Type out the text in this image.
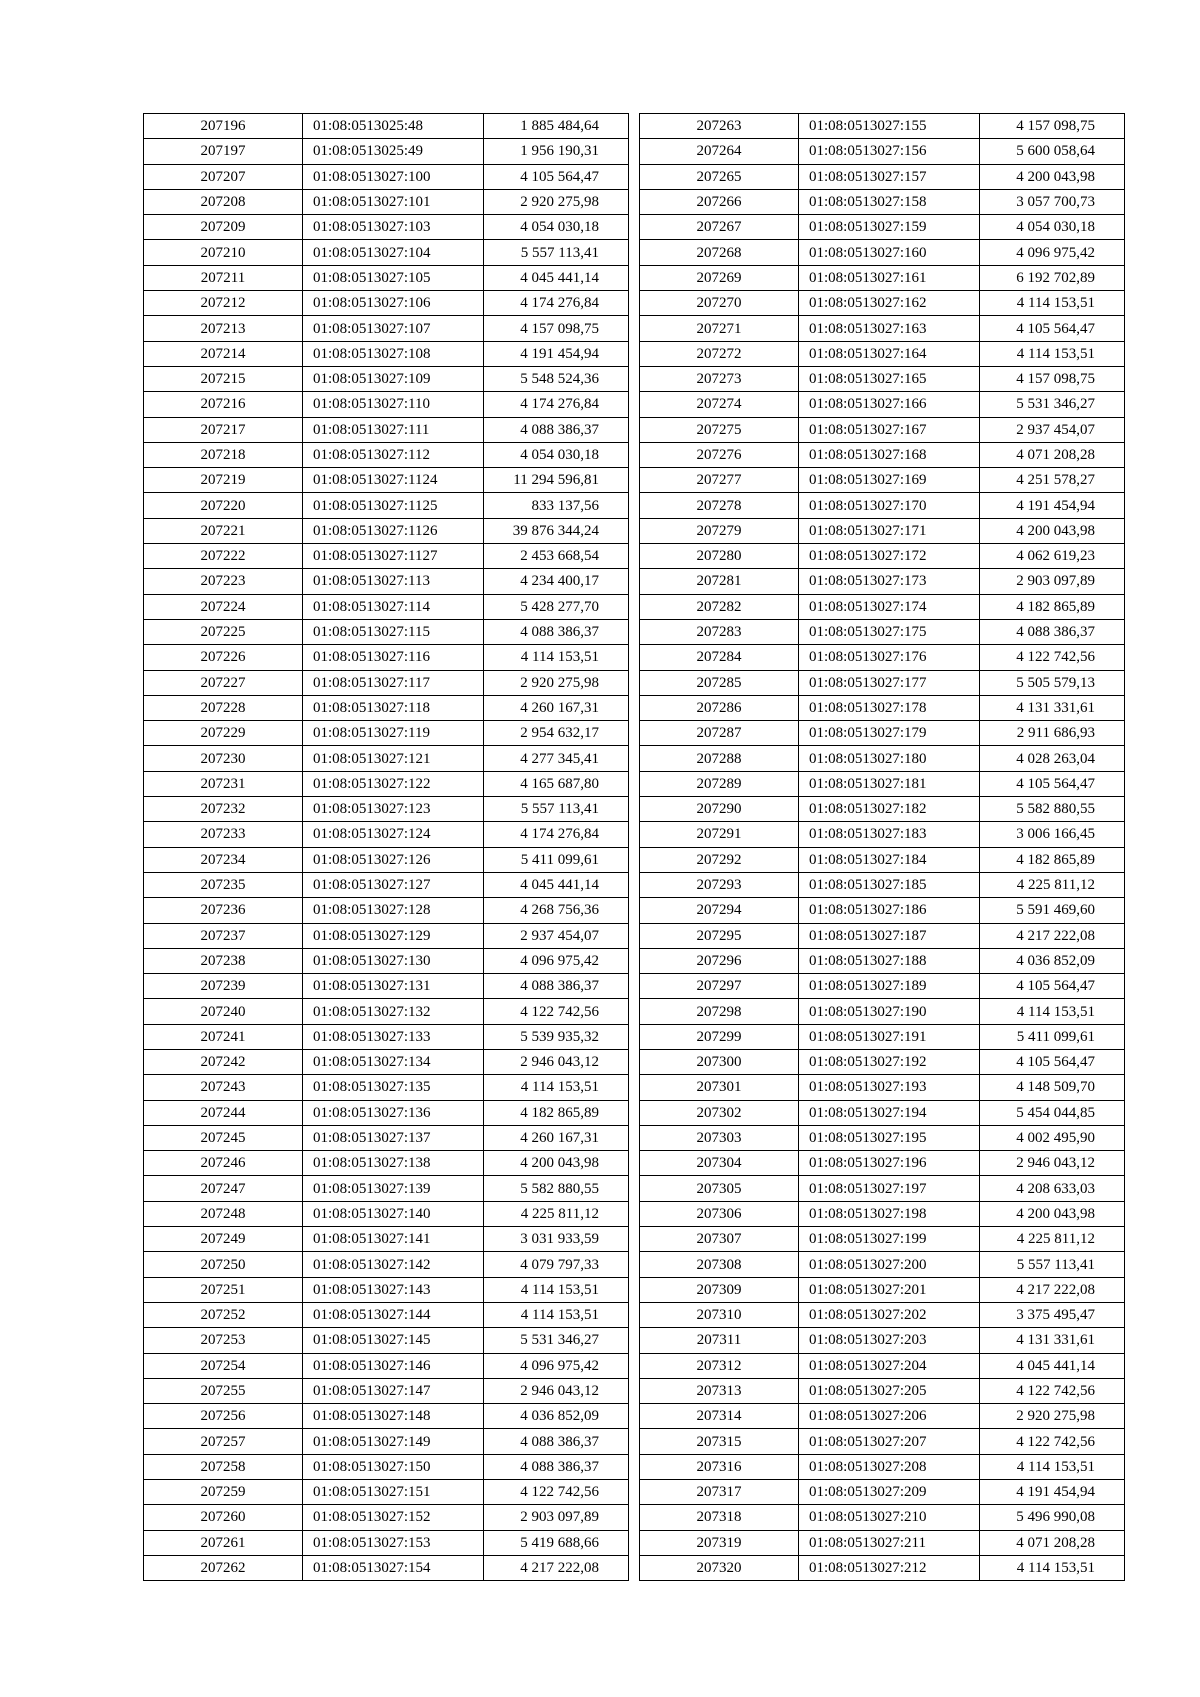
207196	01:08:0513025:48	1 885 484,64
207197	01:08:0513025:49	1 956 190,31
207207	01:08:0513027:100	4 105 564,47
207208	01:08:0513027:101	2 920 275,98
207209	01:08:0513027:103	4 054 030,18
207210	01:08:0513027:104	5 557 113,41
207211	01:08:0513027:105	4 045 441,14
207212	01:08:0513027:106	4 174 276,84
207213	01:08:0513027:107	4 157 098,75
207214	01:08:0513027:108	4 191 454,94
207215	01:08:0513027:109	5 548 524,36
207216	01:08:0513027:110	4 174 276,84
207217	01:08:0513027:111	4 088 386,37
207218	01:08:0513027:112	4 054 030,18
207219	01:08:0513027:1124	11 294 596,81
207220	01:08:0513027:1125	833 137,56
207221	01:08:0513027:1126	39 876 344,24
207222	01:08:0513027:1127	2 453 668,54
207223	01:08:0513027:113	4 234 400,17
207224	01:08:0513027:114	5 428 277,70
207225	01:08:0513027:115	4 088 386,37
207226	01:08:0513027:116	4 114 153,51
207227	01:08:0513027:117	2 920 275,98
207228	01:08:0513027:118	4 260 167,31
207229	01:08:0513027:119	2 954 632,17
207230	01:08:0513027:121	4 277 345,41
207231	01:08:0513027:122	4 165 687,80
207232	01:08:0513027:123	5 557 113,41
207233	01:08:0513027:124	4 174 276,84
207234	01:08:0513027:126	5 411 099,61
207235	01:08:0513027:127	4 045 441,14
207236	01:08:0513027:128	4 268 756,36
207237	01:08:0513027:129	2 937 454,07
207238	01:08:0513027:130	4 096 975,42
207239	01:08:0513027:131	4 088 386,37
207240	01:08:0513027:132	4 122 742,56
207241	01:08:0513027:133	5 539 935,32
207242	01:08:0513027:134	2 946 043,12
207243	01:08:0513027:135	4 114 153,51
207244	01:08:0513027:136	4 182 865,89
207245	01:08:0513027:137	4 260 167,31
207246	01:08:0513027:138	4 200 043,98
207247	01:08:0513027:139	5 582 880,55
207248	01:08:0513027:140	4 225 811,12
207249	01:08:0513027:141	3 031 933,59
207250	01:08:0513027:142	4 079 797,33
207251	01:08:0513027:143	4 114 153,51
207252	01:08:0513027:144	4 114 153,51
207253	01:08:0513027:145	5 531 346,27
207254	01:08:0513027:146	4 096 975,42
207255	01:08:0513027:147	2 946 043,12
207256	01:08:0513027:148	4 036 852,09
207257	01:08:0513027:149	4 088 386,37
207258	01:08:0513027:150	4 088 386,37
207259	01:08:0513027:151	4 122 742,56
207260	01:08:0513027:152	2 903 097,89
207261	01:08:0513027:153	5 419 688,66
207262	01:08:0513027:154	4 217 222,08
207263	01:08:0513027:155	4 157 098,75
207264	01:08:0513027:156	5 600 058,64
207265	01:08:0513027:157	4 200 043,98
207266	01:08:0513027:158	3 057 700,73
207267	01:08:0513027:159	4 054 030,18
207268	01:08:0513027:160	4 096 975,42
207269	01:08:0513027:161	6 192 702,89
207270	01:08:0513027:162	4 114 153,51
207271	01:08:0513027:163	4 105 564,47
207272	01:08:0513027:164	4 114 153,51
207273	01:08:0513027:165	4 157 098,75
207274	01:08:0513027:166	5 531 346,27
207275	01:08:0513027:167	2 937 454,07
207276	01:08:0513027:168	4 071 208,28
207277	01:08:0513027:169	4 251 578,27
207278	01:08:0513027:170	4 191 454,94
207279	01:08:0513027:171	4 200 043,98
207280	01:08:0513027:172	4 062 619,23
207281	01:08:0513027:173	2 903 097,89
207282	01:08:0513027:174	4 182 865,89
207283	01:08:0513027:175	4 088 386,37
207284	01:08:0513027:176	4 122 742,56
207285	01:08:0513027:177	5 505 579,13
207286	01:08:0513027:178	4 131 331,61
207287	01:08:0513027:179	2 911 686,93
207288	01:08:0513027:180	4 028 263,04
207289	01:08:0513027:181	4 105 564,47
207290	01:08:0513027:182	5 582 880,55
207291	01:08:0513027:183	3 006 166,45
207292	01:08:0513027:184	4 182 865,89
207293	01:08:0513027:185	4 225 811,12
207294	01:08:0513027:186	5 591 469,60
207295	01:08:0513027:187	4 217 222,08
207296	01:08:0513027:188	4 036 852,09
207297	01:08:0513027:189	4 105 564,47
207298	01:08:0513027:190	4 114 153,51
207299	01:08:0513027:191	5 411 099,61
207300	01:08:0513027:192	4 105 564,47
207301	01:08:0513027:193	4 148 509,70
207302	01:08:0513027:194	5 454 044,85
207303	01:08:0513027:195	4 002 495,90
207304	01:08:0513027:196	2 946 043,12
207305	01:08:0513027:197	4 208 633,03
207306	01:08:0513027:198	4 200 043,98
207307	01:08:0513027:199	4 225 811,12
207308	01:08:0513027:200	5 557 113,41
207309	01:08:0513027:201	4 217 222,08
207310	01:08:0513027:202	3 375 495,47
207311	01:08:0513027:203	4 131 331,61
207312	01:08:0513027:204	4 045 441,14
207313	01:08:0513027:205	4 122 742,56
207314	01:08:0513027:206	2 920 275,98
207315	01:08:0513027:207	4 122 742,56
207316	01:08:0513027:208	4 114 153,51
207317	01:08:0513027:209	4 191 454,94
207318	01:08:0513027:210	5 496 990,08
207319	01:08:0513027:211	4 071 208,28
207320	01:08:0513027:212	4 114 153,51
